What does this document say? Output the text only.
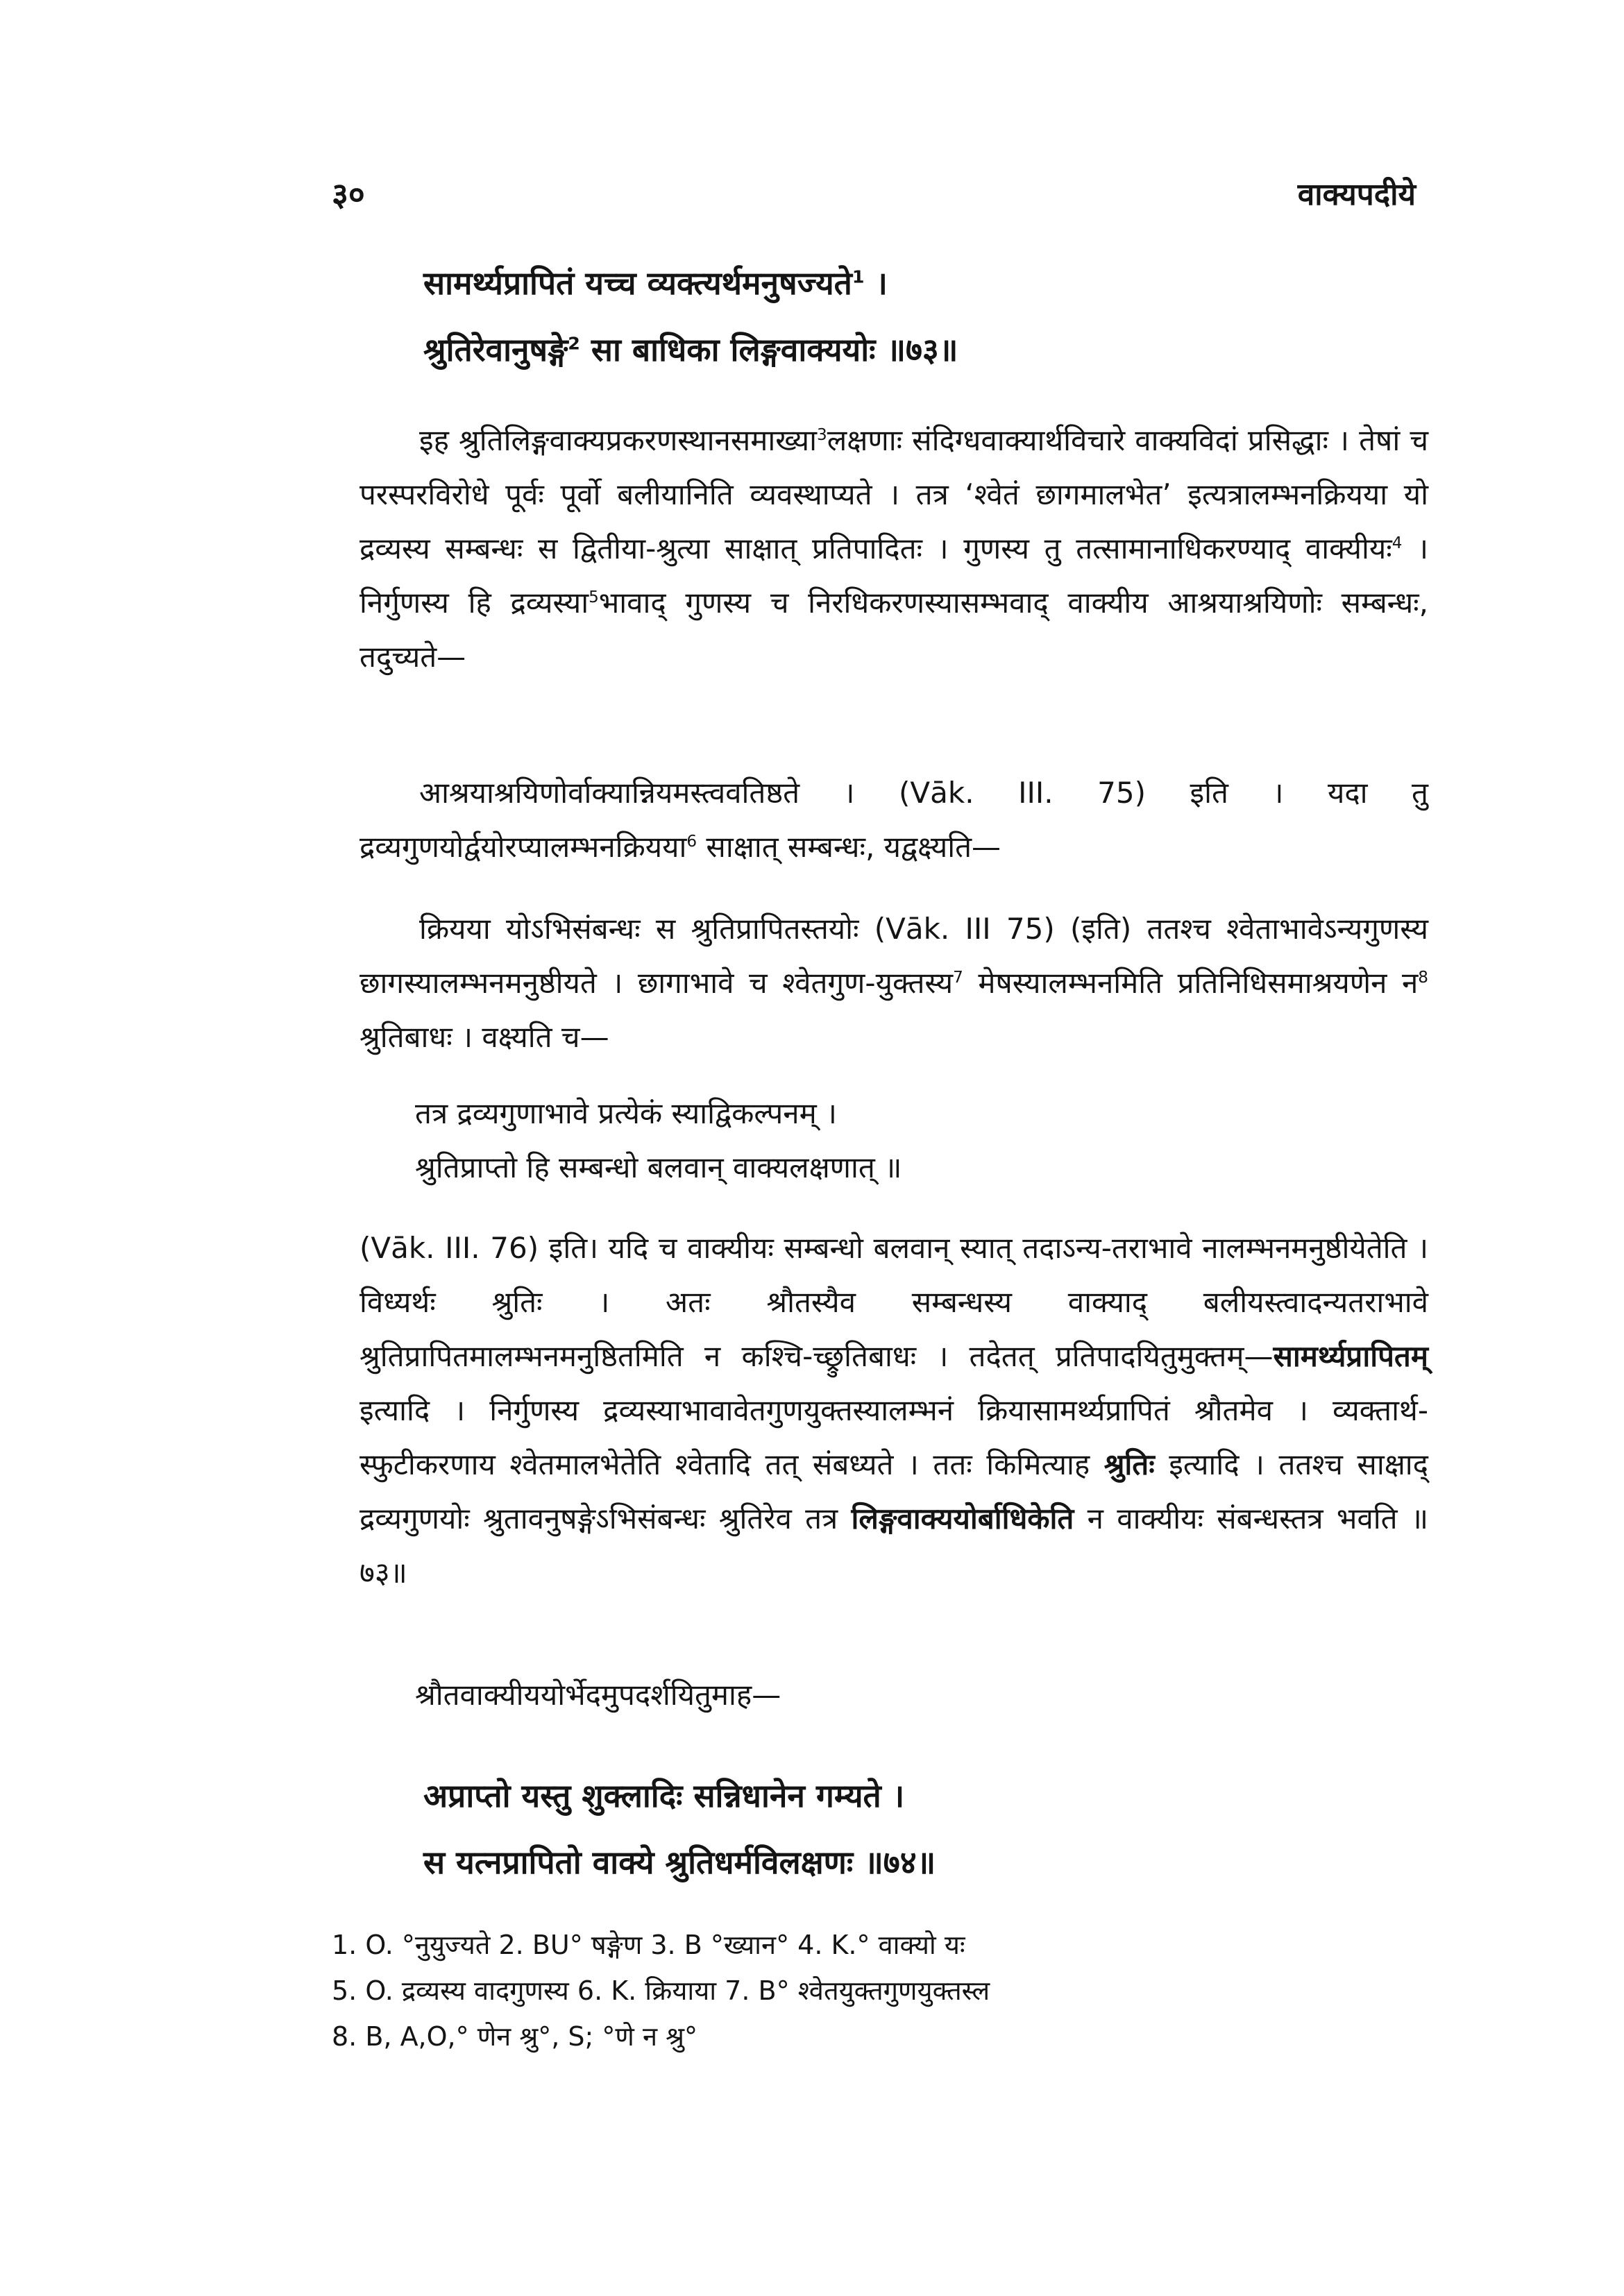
३०	वाक्यपदीये
सामर्थ्यप्रापितं यच्च व्यक्त्यर्थमनुषज्यते$^1$ ।
श्रुतिरेवानुषङ्गे$^2$ सा बाधिका लिङ्गवाक्ययोः ॥७३॥

इह श्रुतिलिङ्गवाक्यप्रकरणस्थानसमाख्या$^3$लक्षणाः संदिग्धवाक्यार्थविचारे वाक्यविदां प्रसिद्धाः । तेषां च परस्परविरोधे पूर्वः पूर्वो बलीयानिति व्यवस्थाप्यते । तत्र ‘श्वेतं छागमालभेत’ इत्यत्रालम्भनक्रियया यो द्रव्यस्य सम्बन्धः स द्वितीया-श्रुत्या साक्षात् प्रतिपादितः । गुणस्य तु तत्सामानाधिकरण्याद् वाक्यीयः$^4$ । निर्गुणस्य हि द्रव्यस्या$^5$भावाद् गुणस्य च निरधिकरणस्यासम्भवाद् वाक्यीय आश्रयाश्रयिणोः सम्बन्धः, तदुच्यते—

आश्रयाश्रयिणोर्वाक्यान्नियमस्त्ववतिष्ठते । (Vāk. III. 75) इति । यदा तु द्रव्यगुणयोर्द्वयोरप्यालम्भनक्रियया$^6$ साक्षात् सम्बन्धः, यद्वक्ष्यति—

क्रियया योऽभिसंबन्धः स श्रुतिप्रापितस्तयोः (Vāk. III 75) (इति) ततश्च श्वेताभावेऽन्यगुणस्य छागस्यालम्भनमनुष्ठीयते । छागाभावे च श्वेतगुण-युक्तस्य$^7$ मेषस्यालम्भनमिति प्रतिनिधिसमाश्रयणेन न$^8$ श्रुतिबाधः । वक्ष्यति च—

तत्र द्रव्यगुणाभावे प्रत्येकं स्याद्विकल्पनम् ।
श्रुतिप्राप्तो हि सम्बन्धो बलवान् वाक्यलक्षणात् ॥

(Vāk. III. 76) इति। यदि च वाक्यीयः सम्बन्धो बलवान् स्यात् तदाऽन्य-तराभावे नालम्भनमनुष्ठीयेतेति । विध्यर्थः श्रुतिः । अतः श्रौतस्यैव सम्बन्धस्य वाक्याद् बलीयस्त्वादन्यतराभावे श्रुतिप्रापितमालम्भनमनुष्ठितमिति न कश्चि-च्छ्रुतिबाधः । तदेतत् प्रतिपादयितुमुक्तम्—सामर्थ्यप्रापितम् इत्यादि । निर्गुणस्य द्रव्यस्याभावावेतगुणयुक्तस्यालम्भनं क्रियासामर्थ्यप्रापितं श्रौतमेव । व्यक्तार्थ-स्फुटीकरणाय श्वेतमालभेतेति श्वेतादि तत् संबध्यते । ततः किमित्याह श्रुतिः इत्यादि । ततश्च साक्षाद् द्रव्यगुणयोः श्रुतावनुषङ्गेऽभिसंबन्धः श्रुतिरेव तत्र लिङ्गवाक्ययोर्बाधिकेति न वाक्यीयः संबन्धस्तत्र भवति ॥७३॥

श्रौतवाक्यीययोर्भेदमुपदर्शयितुमाह—
अप्राप्तो यस्तु शुक्लादिः सन्निधानेन गम्यते ।
स यत्नप्रापितो वाक्ये श्रुतिधर्मविलक्षणः ॥७४॥
1. O. °नुयुज्यते 2. BU° षङ्गेण 3. B °ख्यान° 4. K.° वाक्यो यः
5. O. द्रव्यस्य वादगुणस्य 6. K. क्रियाया 7. B° श्वेतयुक्तगुणयुक्तस्ल
8. B, A,O,° णेन श्रु°, S; °णे न श्रु°
